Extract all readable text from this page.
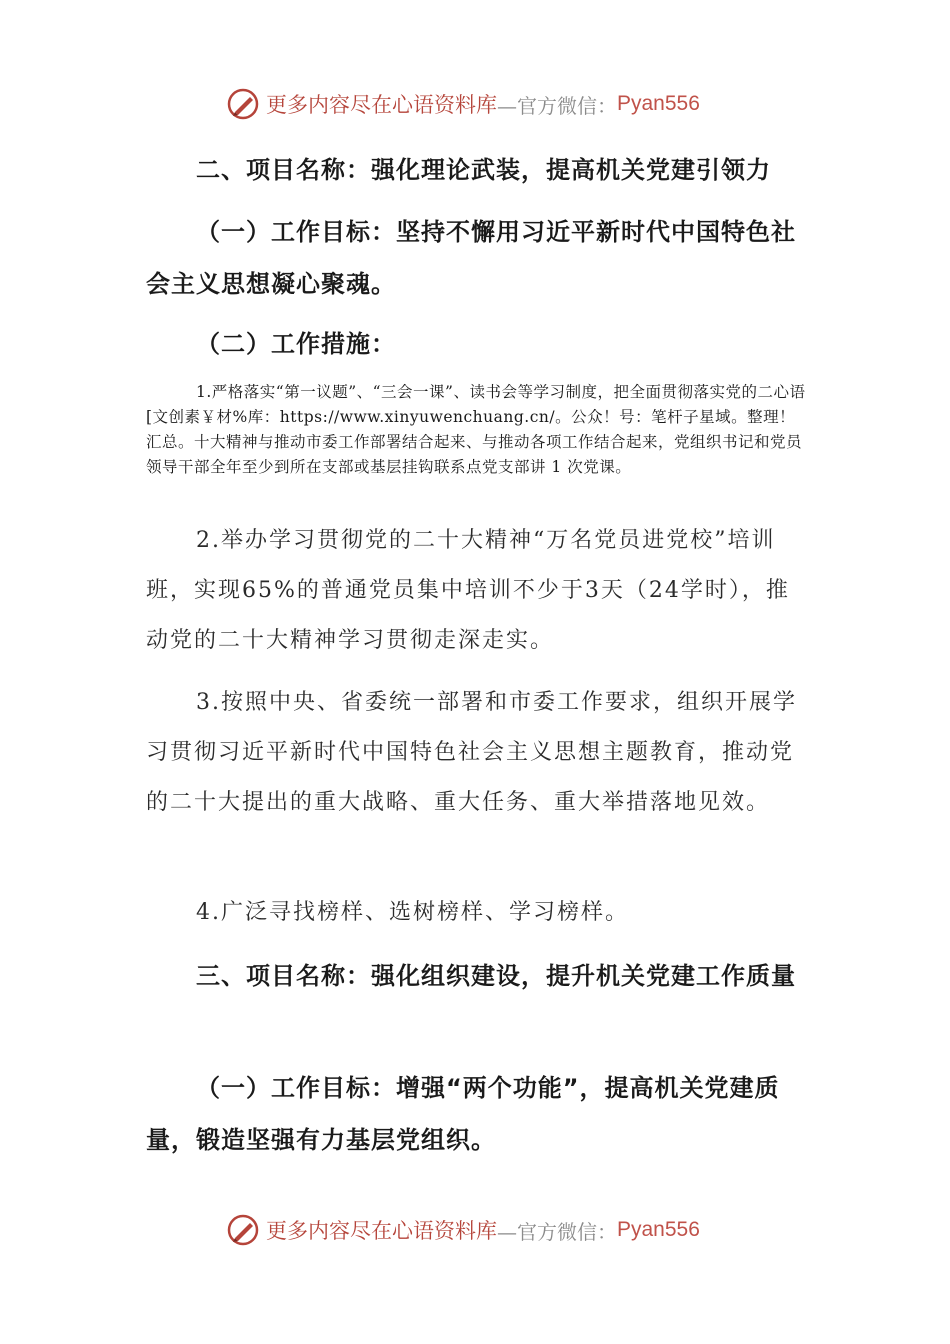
更多内容尽在心语资料库 —官方微信： Pyan556

二、项目名称：强化理论武装，提高机关党建引领力

（一）工作目标：坚持不懈用习近平新时代中国特色社会主义思想凝心聚魂。

（二）工作措施：

1.严格落实“第一议题”、“三会一课”、读书会等学习制度，把全面贯彻落实党的二心语[文创素￥材%库：https://www.xinyuwenchuang.cn/。公众！号：笔杆子星域。整理！汇总。十大精神与推动市委工作部署结合起来、与推动各项工作结合起来，党组织书记和党员领导干部全年至少到所在支部或基层挂钩联系点党支部讲 1 次党课。

2.举办学习贯彻党的二十大精神“万名党员进党校”培训班，实现65%的普通党员集中培训不少于3天（24学时），推动党的二十大精神学习贯彻走深走实。

3.按照中央、省委统一部署和市委工作要求，组织开展学习贯彻习近平新时代中国特色社会主义思想主题教育，推动党的二十大提出的重大战略、重大任务、重大举措落地见效。

4.广泛寻找榜样、选树榜样、学习榜样。

三、项目名称：强化组织建设，提升机关党建工作质量

（一）工作目标：增强“两个功能”，提高机关党建质量，锻造坚强有力基层党组织。

更多内容尽在心语资料库 —官方微信： Pyan556
